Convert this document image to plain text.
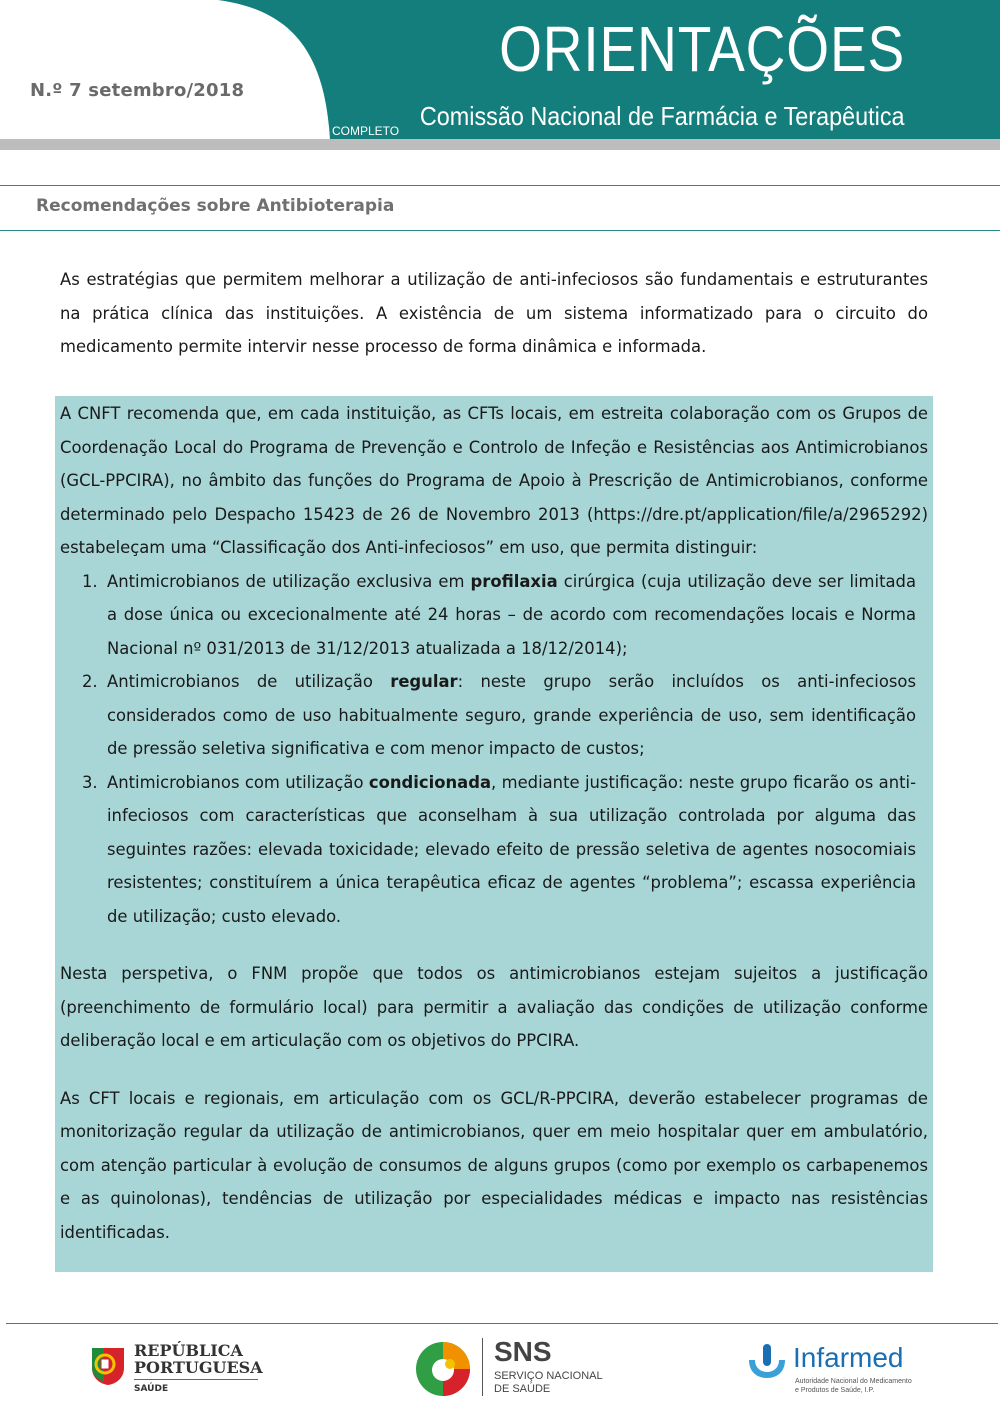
N.º 7 setembro/2018
ORIENTAÇÕES
COMPLETO Comissão Nacional de Farmácia e Terapêutica
Recomendações sobre Antibioterapia

As estratégias que permitem melhorar a utilização de anti-infeciosos são fundamentais e estruturantes na prática clínica das instituições. A existência de um sistema informatizado para o circuito do medicamento permite intervir nesse processo de forma dinâmica e informada.

A CNFT recomenda que, em cada instituição, as CFTs locais, em estreita colaboração com os Grupos de Coordenação Local do Programa de Prevenção e Controlo de Infeção e Resistências aos Antimicrobianos (GCL-PPCIRA), no âmbito das funções do Programa de Apoio à Prescrição de Antimicrobianos, conforme determinado pelo Despacho 15423 de 26 de Novembro 2013 (https://dre.pt/application/file/a/2965292) estabeleçam uma “Classificação dos Anti-infeciosos” em uso, que permita distinguir:

1. Antimicrobianos de utilização exclusiva em profilaxia cirúrgica (cuja utilização deve ser limitada a dose única ou excecionalmente até 24 horas – de acordo com recomendações locais e Norma Nacional nº 031/2013 de 31/12/2013 atualizada a 18/12/2014);
2. Antimicrobianos de utilização regular: neste grupo serão incluídos os anti-infeciosos considerados como de uso habitualmente seguro, grande experiência de uso, sem identificação de pressão seletiva significativa e com menor impacto de custos;
3. Antimicrobianos com utilização condicionada, mediante justificação: neste grupo ficarão os anti-infeciosos com características que aconselham à sua utilização controlada por alguma das seguintes razões: elevada toxicidade; elevado efeito de pressão seletiva de agentes nosocomiais resistentes; constituírem a única terapêutica eficaz de agentes “problema”; escassa experiência de utilização; custo elevado.

Nesta perspetiva, o FNM propõe que todos os antimicrobianos estejam sujeitos a justificação (preenchimento de formulário local) para permitir a avaliação das condições de utilização conforme deliberação local e em articulação com os objetivos do PPCIRA.

As CFT locais e regionais, em articulação com os GCL/R-PPCIRA, deverão estabelecer programas de monitorização regular da utilização de antimicrobianos, quer em meio hospitalar quer em ambulatório, com atenção particular à evolução de consumos de alguns grupos (como por exemplo os carbapenemos e as quinolonas), tendências de utilização por especialidades médicas e impacto nas resistências identificadas.

REPÚBLICA
PORTUGUESA
SAÚDE
SNS
SERVIÇO NACIONAL
DE SAÚDE
Infarmed
Autoridade Nacional do Medicamento
e Produtos de Saúde, I.P.
